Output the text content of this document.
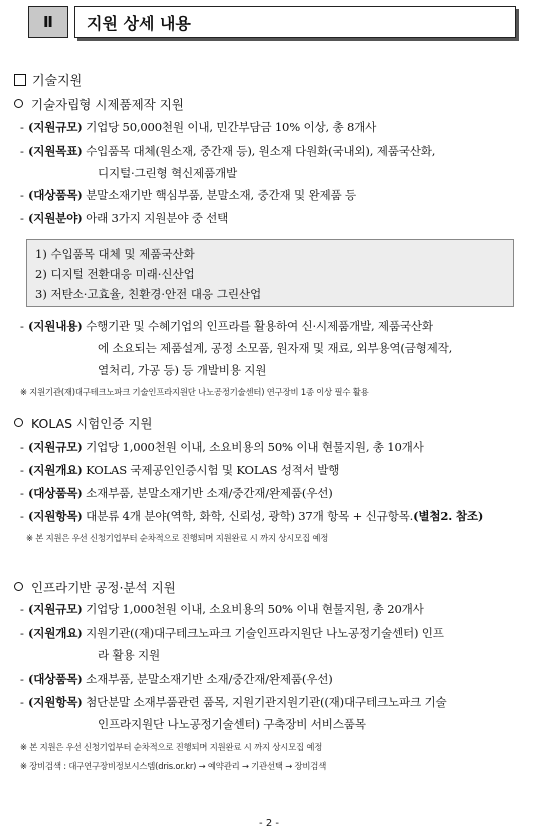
Ⅱ	지원 상세 내용
기술지원
기술자립형 시제품제작 지원
- (지원규모) 기업당 50,000천원 이내, 민간부담금 10% 이상, 총 8개사
- (지원목표) 수입품목 대체(원소재, 중간재 등), 원소재 다원화(국내외), 제품국산화,
디지털·그린형 혁신제품개발
- (대상품목) 분말소재기반 핵심부품, 분말소재, 중간재 및 완제품 등
- (지원분야) 아래 3가지 지원분야 중 선택
1) 수입품목 대체 및 제품국산화
2) 디지털 전환대응 미래·신산업
3) 저탄소·고효율, 친환경·안전 대응 그린산업
- (지원내용) 수행기관 및 수혜기업의 인프라를 활용하여 신·시제품개발, 제품국산화
에 소요되는 제품설계, 공정 소모품, 원자재 및 재료, 외부용역(금형제작,
열처리, 가공 등) 등 개발비용 지원
※ 지원기관(재)대구테크노파크 기술인프라지원단 나노공정기술센터) 연구장비 1종 이상 필수 활용
KOLAS 시험인증 지원
- (지원규모) 기업당 1,000천원 이내, 소요비용의 50% 이내 현물지원, 총 10개사
- (지원개요) KOLAS 국제공인인증시험 및 KOLAS 성적서 발행
- (대상품목) 소재부품, 분말소재기반 소재/중간재/완제품(우선)
- (지원항목) 대분류 4개 분야(역학, 화학, 신뢰성, 광학) 37개 항목 + 신규항목.(별첨2. 참조)
※ 본 지원은 우선 신청기업부터 순차적으로 진행되며 지원완료 시 까지 상시모집 예정
인프라기반 공정·분석 지원
- (지원규모) 기업당 1,000천원 이내, 소요비용의 50% 이내 현물지원, 총 20개사
- (지원개요) 지원기관((재)대구테크노파크 기술인프라지원단 나노공정기술센터) 인프
라 활용 지원
- (대상품목) 소재부품, 분말소재기반 소재/중간재/완제품(우선)
- (지원항목) 첨단분말 소재부품관련 품목, 지원기관지원기관((재)대구테크노파크 기술
인프라지원단 나노공정기술센터) 구축장비 서비스품목
※ 본 지원은 우선 신청기업부터 순차적으로 진행되며 지원완료 시 까지 상시모집 예정
※ 장비검색 : 대구연구장비정보시스템(dris.or.kr) → 예약관리 → 기관선택 → 장비검색
- 2 -
